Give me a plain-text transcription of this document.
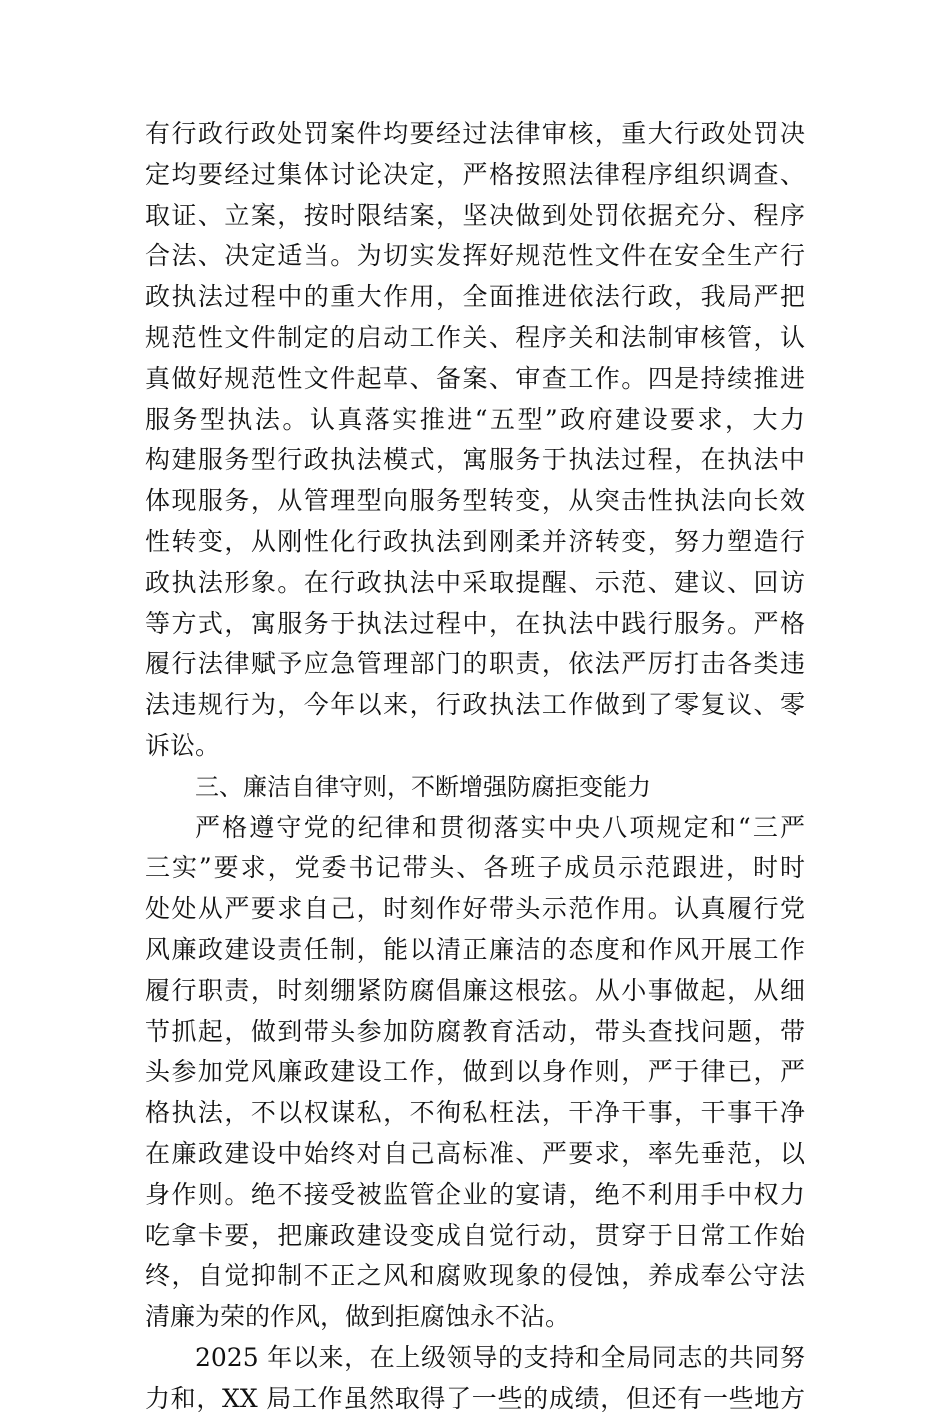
有行政行政处罚案件均要经过法律审核，重大行政处罚决
定均要经过集体讨论决定，严格按照法律程序组织调查、
取证、立案，按时限结案，坚决做到处罚依据充分、程序
合法、决定适当。为切实发挥好规范性文件在安全生产行
政执法过程中的重大作用，全面推进依法行政，我局严把
规范性文件制定的启动工作关、程序关和法制审核管，认
真做好规范性文件起草、备案、审查工作。四是持续推进
服务型执法。认真落实推进“五型”政府建设要求，大力
构建服务型行政执法模式，寓服务于执法过程，在执法中
体现服务，从管理型向服务型转变，从突击性执法向长效
性转变，从刚性化行政执法到刚柔并济转变，努力塑造行
政执法形象。在行政执法中采取提醒、示范、建议、回访
等方式，寓服务于执法过程中，在执法中践行服务。严格
履行法律赋予应急管理部门的职责，依法严厉打击各类违
法违规行为，今年以来，行政执法工作做到了零复议、零
诉讼。
三、廉洁自律守则，不断增强防腐拒变能力
严格遵守党的纪律和贯彻落实中央八项规定和“三严
三实”要求，党委书记带头、各班子成员示范跟进，时时
处处从严要求自己，时刻作好带头示范作用。认真履行党
风廉政建设责任制，能以清正廉洁的态度和作风开展工作
履行职责，时刻绷紧防腐倡廉这根弦。从小事做起，从细
节抓起，做到带头参加防腐教育活动，带头查找问题，带
头参加党风廉政建设工作，做到以身作则，严于律已，严
格执法，不以权谋私，不徇私枉法，干净干事，干事干净
在廉政建设中始终对自己高标准、严要求，率先垂范，以
身作则。绝不接受被监管企业的宴请，绝不利用手中权力
吃拿卡要，把廉政建设变成自觉行动，贯穿于日常工作始
终，自觉抑制不正之风和腐败现象的侵蚀，养成奉公守法
清廉为荣的作风，做到拒腐蚀永不沾。
2025 年以来，在上级领导的支持和全局同志的共同努
力和，XX 局工作虽然取得了一些的成绩，但还有一些地方
